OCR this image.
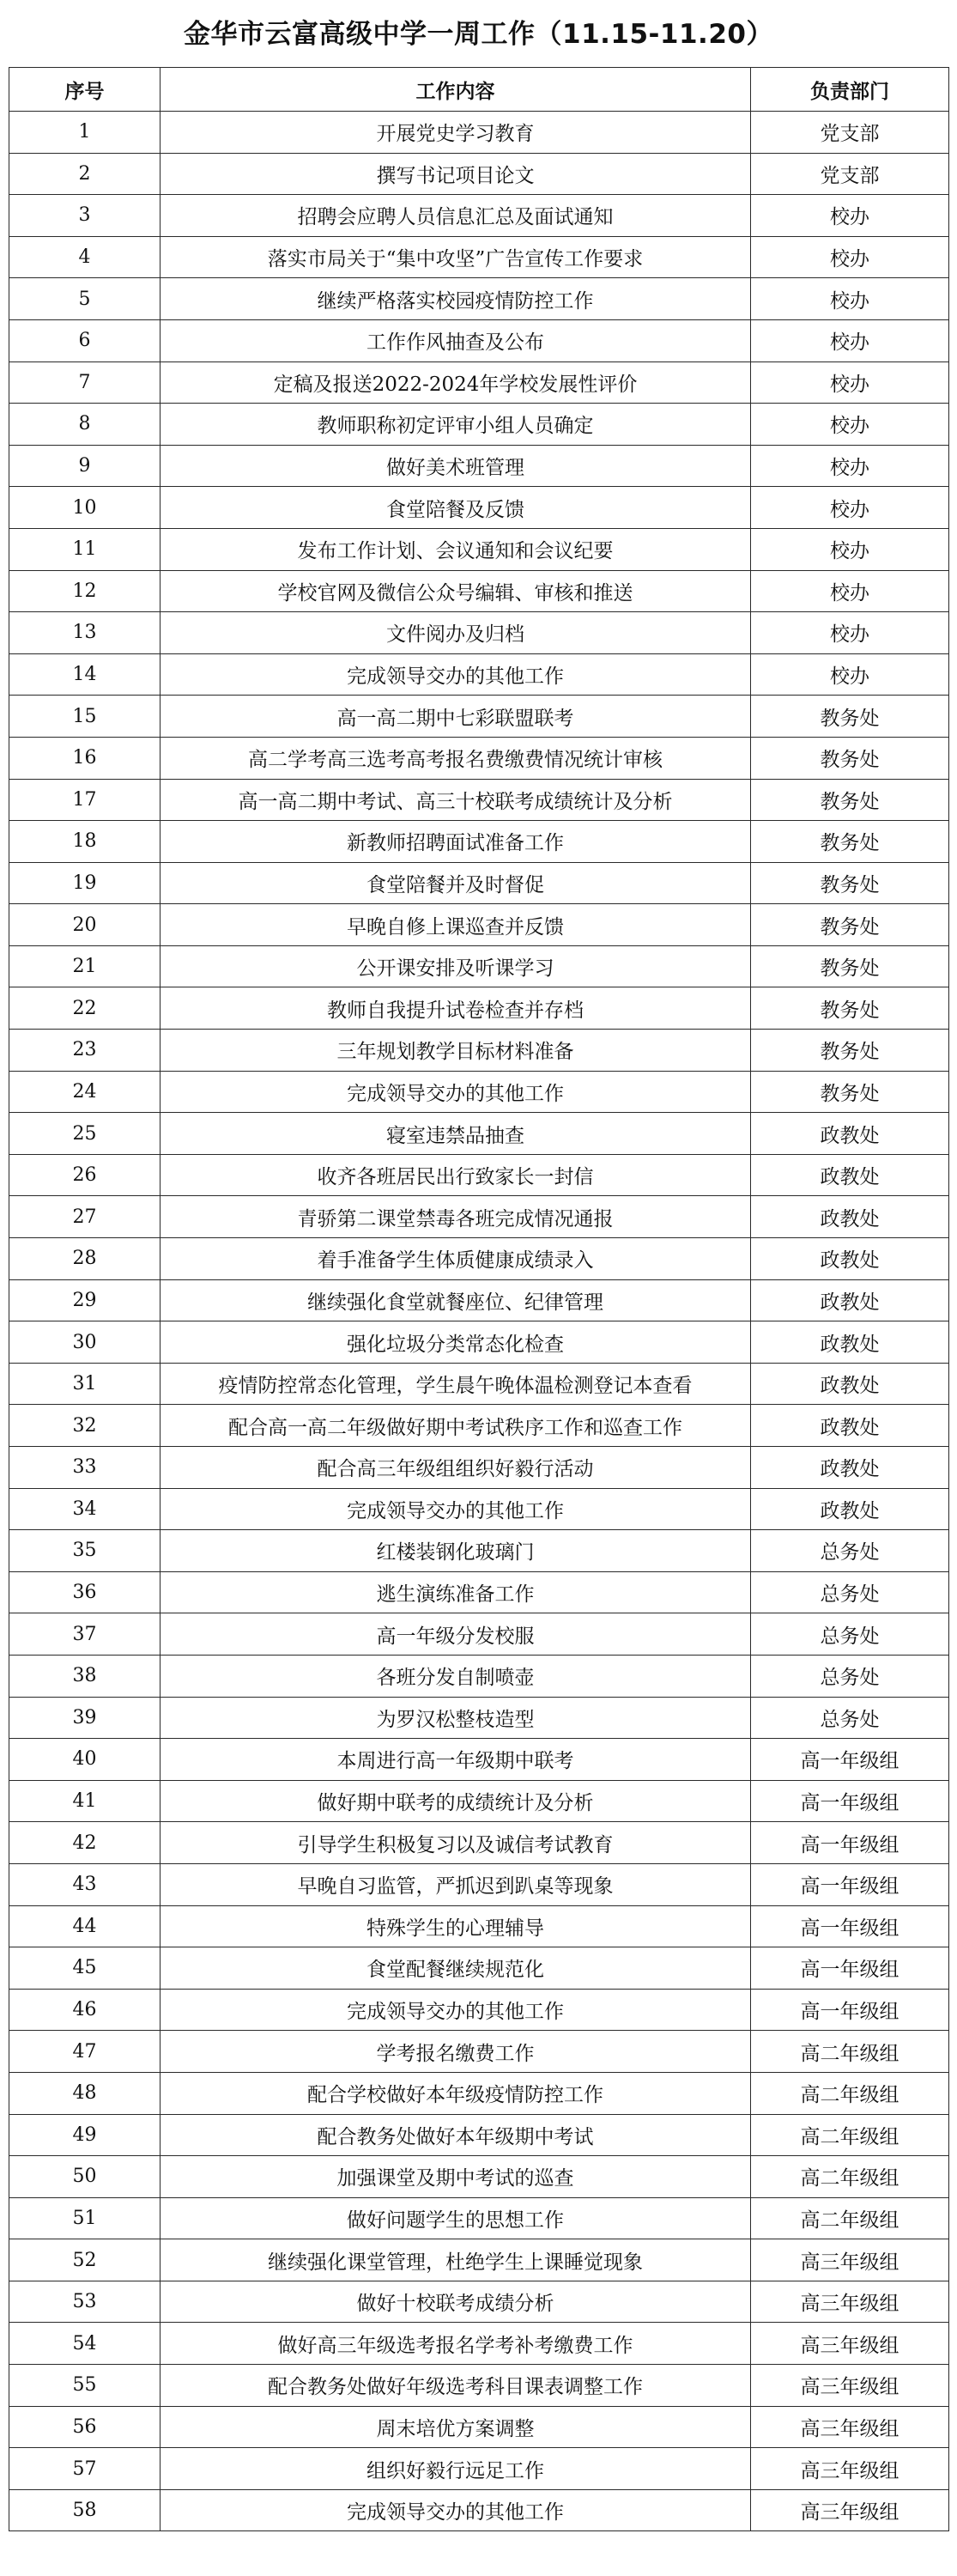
金华市云富高级中学一周工作（11.15-11.20）
序号	工作内容	负责部门
1	开展党史学习教育	党支部
2	撰写书记项目论文	党支部
3	招聘会应聘人员信息汇总及面试通知	校办
4	落实市局关于“集中攻坚”广告宣传工作要求	校办
5	继续严格落实校园疫情防控工作	校办
6	工作作风抽查及公布	校办
7	定稿及报送2022-2024年学校发展性评价	校办
8	教师职称初定评审小组人员确定	校办
9	做好美术班管理	校办
10	食堂陪餐及反馈	校办
11	发布工作计划、会议通知和会议纪要	校办
12	学校官网及微信公众号编辑、审核和推送	校办
13	文件阅办及归档	校办
14	完成领导交办的其他工作	校办
15	高一高二期中七彩联盟联考	教务处
16	高二学考高三选考高考报名费缴费情况统计审核	教务处
17	高一高二期中考试、高三十校联考成绩统计及分析	教务处
18	新教师招聘面试准备工作	教务处
19	食堂陪餐并及时督促	教务处
20	早晚自修上课巡查并反馈	教务处
21	公开课安排及听课学习	教务处
22	教师自我提升试卷检查并存档	教务处
23	三年规划教学目标材料准备	教务处
24	完成领导交办的其他工作	教务处
25	寝室违禁品抽查	政教处
26	收齐各班居民出行致家长一封信	政教处
27	青骄第二课堂禁毒各班完成情况通报	政教处
28	着手准备学生体质健康成绩录入	政教处
29	继续强化食堂就餐座位、纪律管理	政教处
30	强化垃圾分类常态化检查	政教处
31	疫情防控常态化管理，学生晨午晚体温检测登记本查看	政教处
32	配合高一高二年级做好期中考试秩序工作和巡查工作	政教处
33	配合高三年级组组织好毅行活动	政教处
34	完成领导交办的其他工作	政教处
35	红楼装钢化玻璃门	总务处
36	逃生演练准备工作	总务处
37	高一年级分发校服	总务处
38	各班分发自制喷壶	总务处
39	为罗汉松整枝造型	总务处
40	本周进行高一年级期中联考	高一年级组
41	做好期中联考的成绩统计及分析	高一年级组
42	引导学生积极复习以及诚信考试教育	高一年级组
43	早晚自习监管，严抓迟到趴桌等现象	高一年级组
44	特殊学生的心理辅导	高一年级组
45	食堂配餐继续规范化	高一年级组
46	完成领导交办的其他工作	高一年级组
47	学考报名缴费工作	高二年级组
48	配合学校做好本年级疫情防控工作	高二年级组
49	配合教务处做好本年级期中考试	高二年级组
50	加强课堂及期中考试的巡查	高二年级组
51	做好问题学生的思想工作	高二年级组
52	继续强化课堂管理，杜绝学生上课睡觉现象	高三年级组
53	做好十校联考成绩分析	高三年级组
54	做好高三年级选考报名学考补考缴费工作	高三年级组
55	配合教务处做好年级选考科目课表调整工作	高三年级组
56	周末培优方案调整	高三年级组
57	组织好毅行远足工作	高三年级组
58	完成领导交办的其他工作	高三年级组
